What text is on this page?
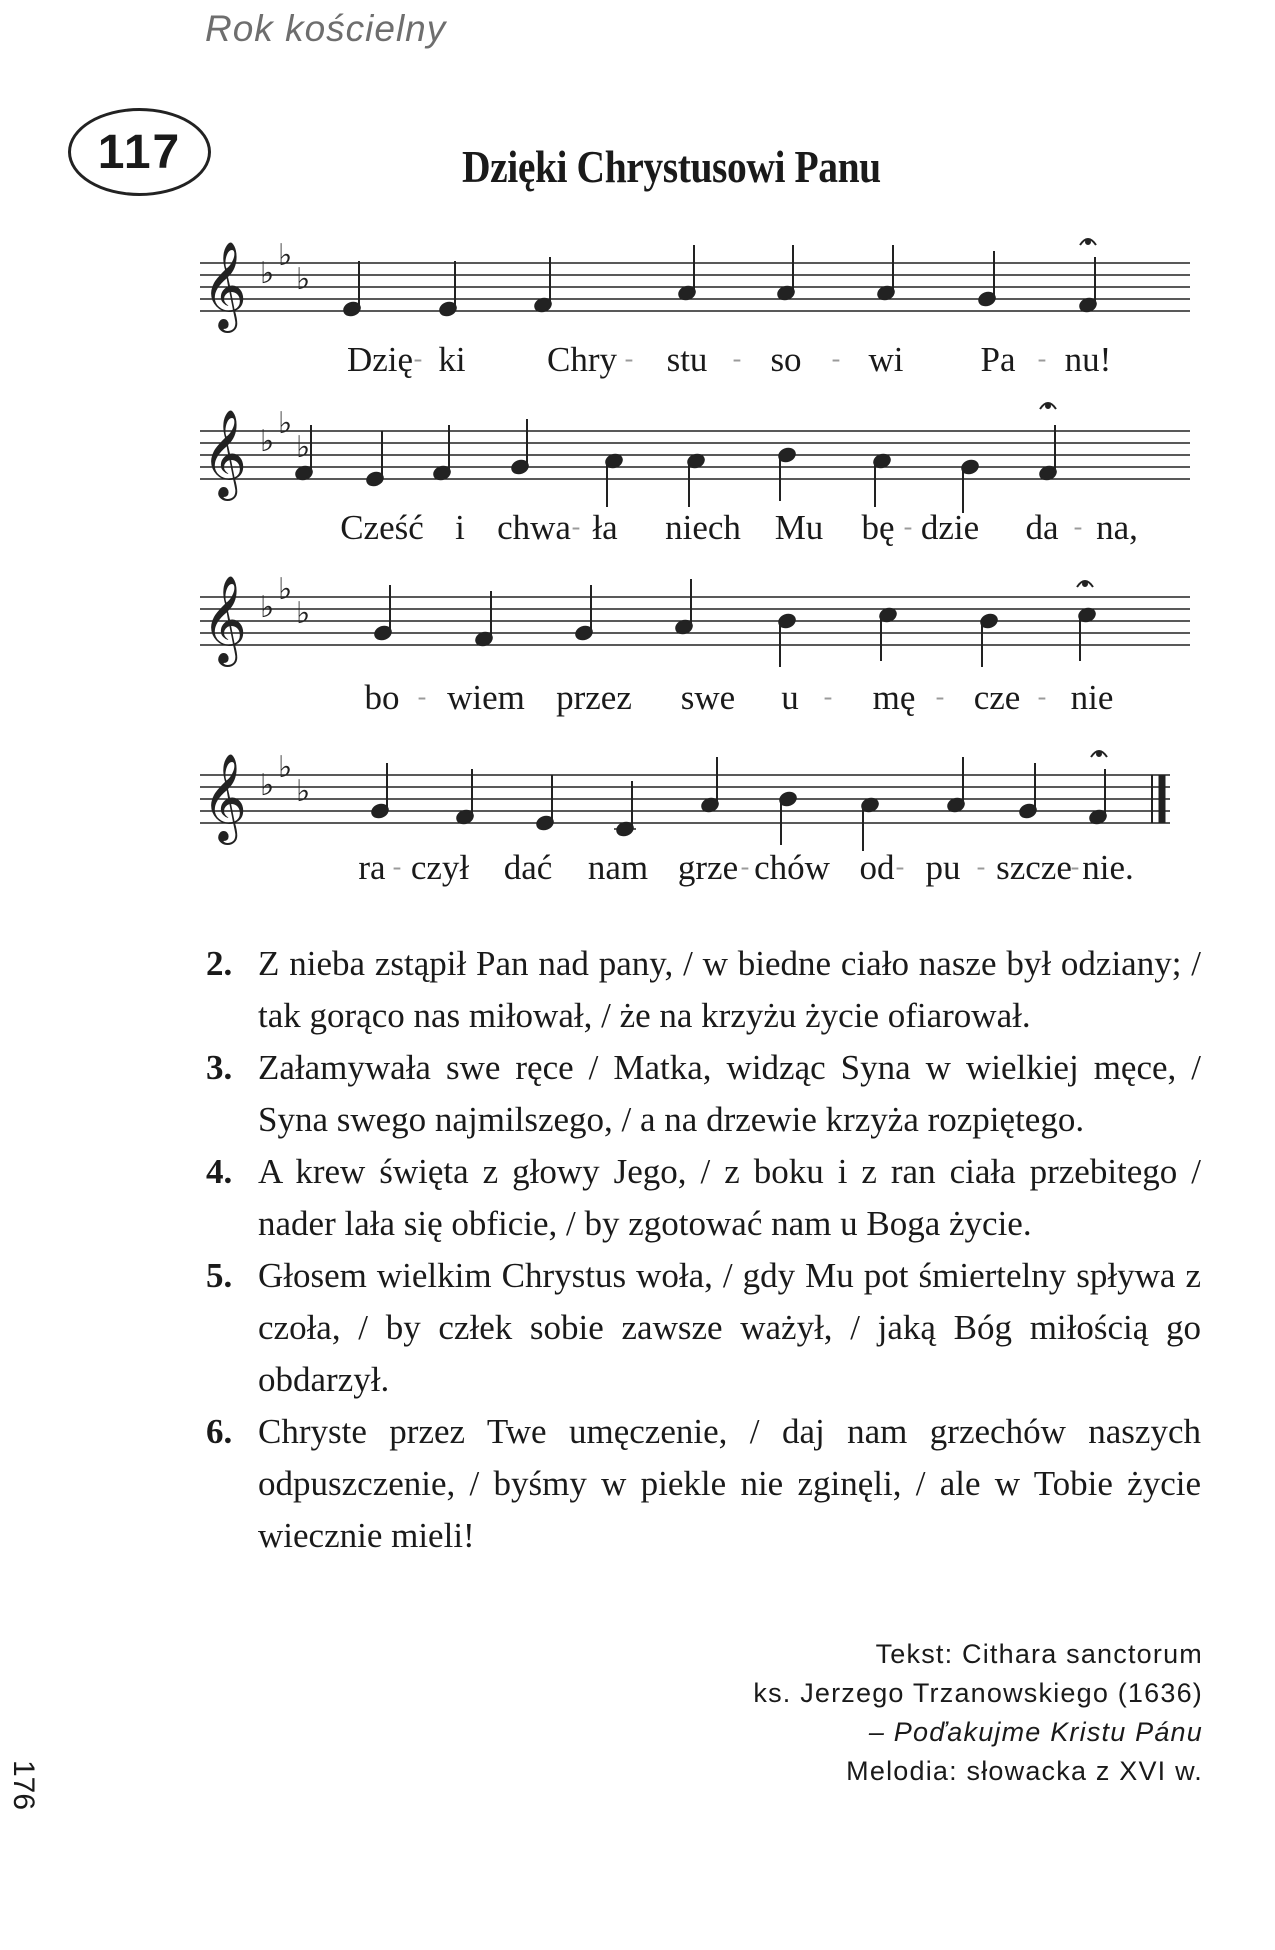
Rok kościelny
117	Dzięki Chrystusowi Panu
𝄞 ♭
♭
♭
Dzię - ki Chry - stu - so - wi Pa - nu!
𝄞 ♭
♭
♭
Cześć i chwa - ła niech Mu bę - dzie da - na,
𝄞 ♭
♭
♭
bo - wiem przez swe u - mę - cze - nie
𝄞 ♭
♭
♭
ra - czył dać nam grze - chów od - pu - szcze
- nie.
2. Z nieba zstąpił Pan nad pany, / w biedne ciało nasze był odziany; / tak gorąco nas miłował, / że na krzyżu życie ofiarował.
3. Załamywała swe ręce / Matka, widząc Syna w wielkiej męce, / Syna swego najmilszego, / a na drzewie krzyża rozpiętego.
4. A krew święta z głowy Jego, / z boku i z ran ciała przebitego / nader lała się obficie, / by zgotować nam u Boga życie.
5. Głosem wielkim Chrystus woła, / gdy Mu pot śmiertelny spływa z czoła, / by człek sobie zawsze ważył, / jaką Bóg miłością go obdarzył.
6. Chryste przez Twe umęczenie, / daj nam grzechów naszych odpuszczenie, / byśmy w piekle nie zginęli, / ale w Tobie życie wiecznie mieli!
Tekst: Cithara sanctorum
ks. Jerzego Trzanowskiego (1636)
– Poďakujme Kristu Pánu
Melodia: słowacka z XVI w.
176
